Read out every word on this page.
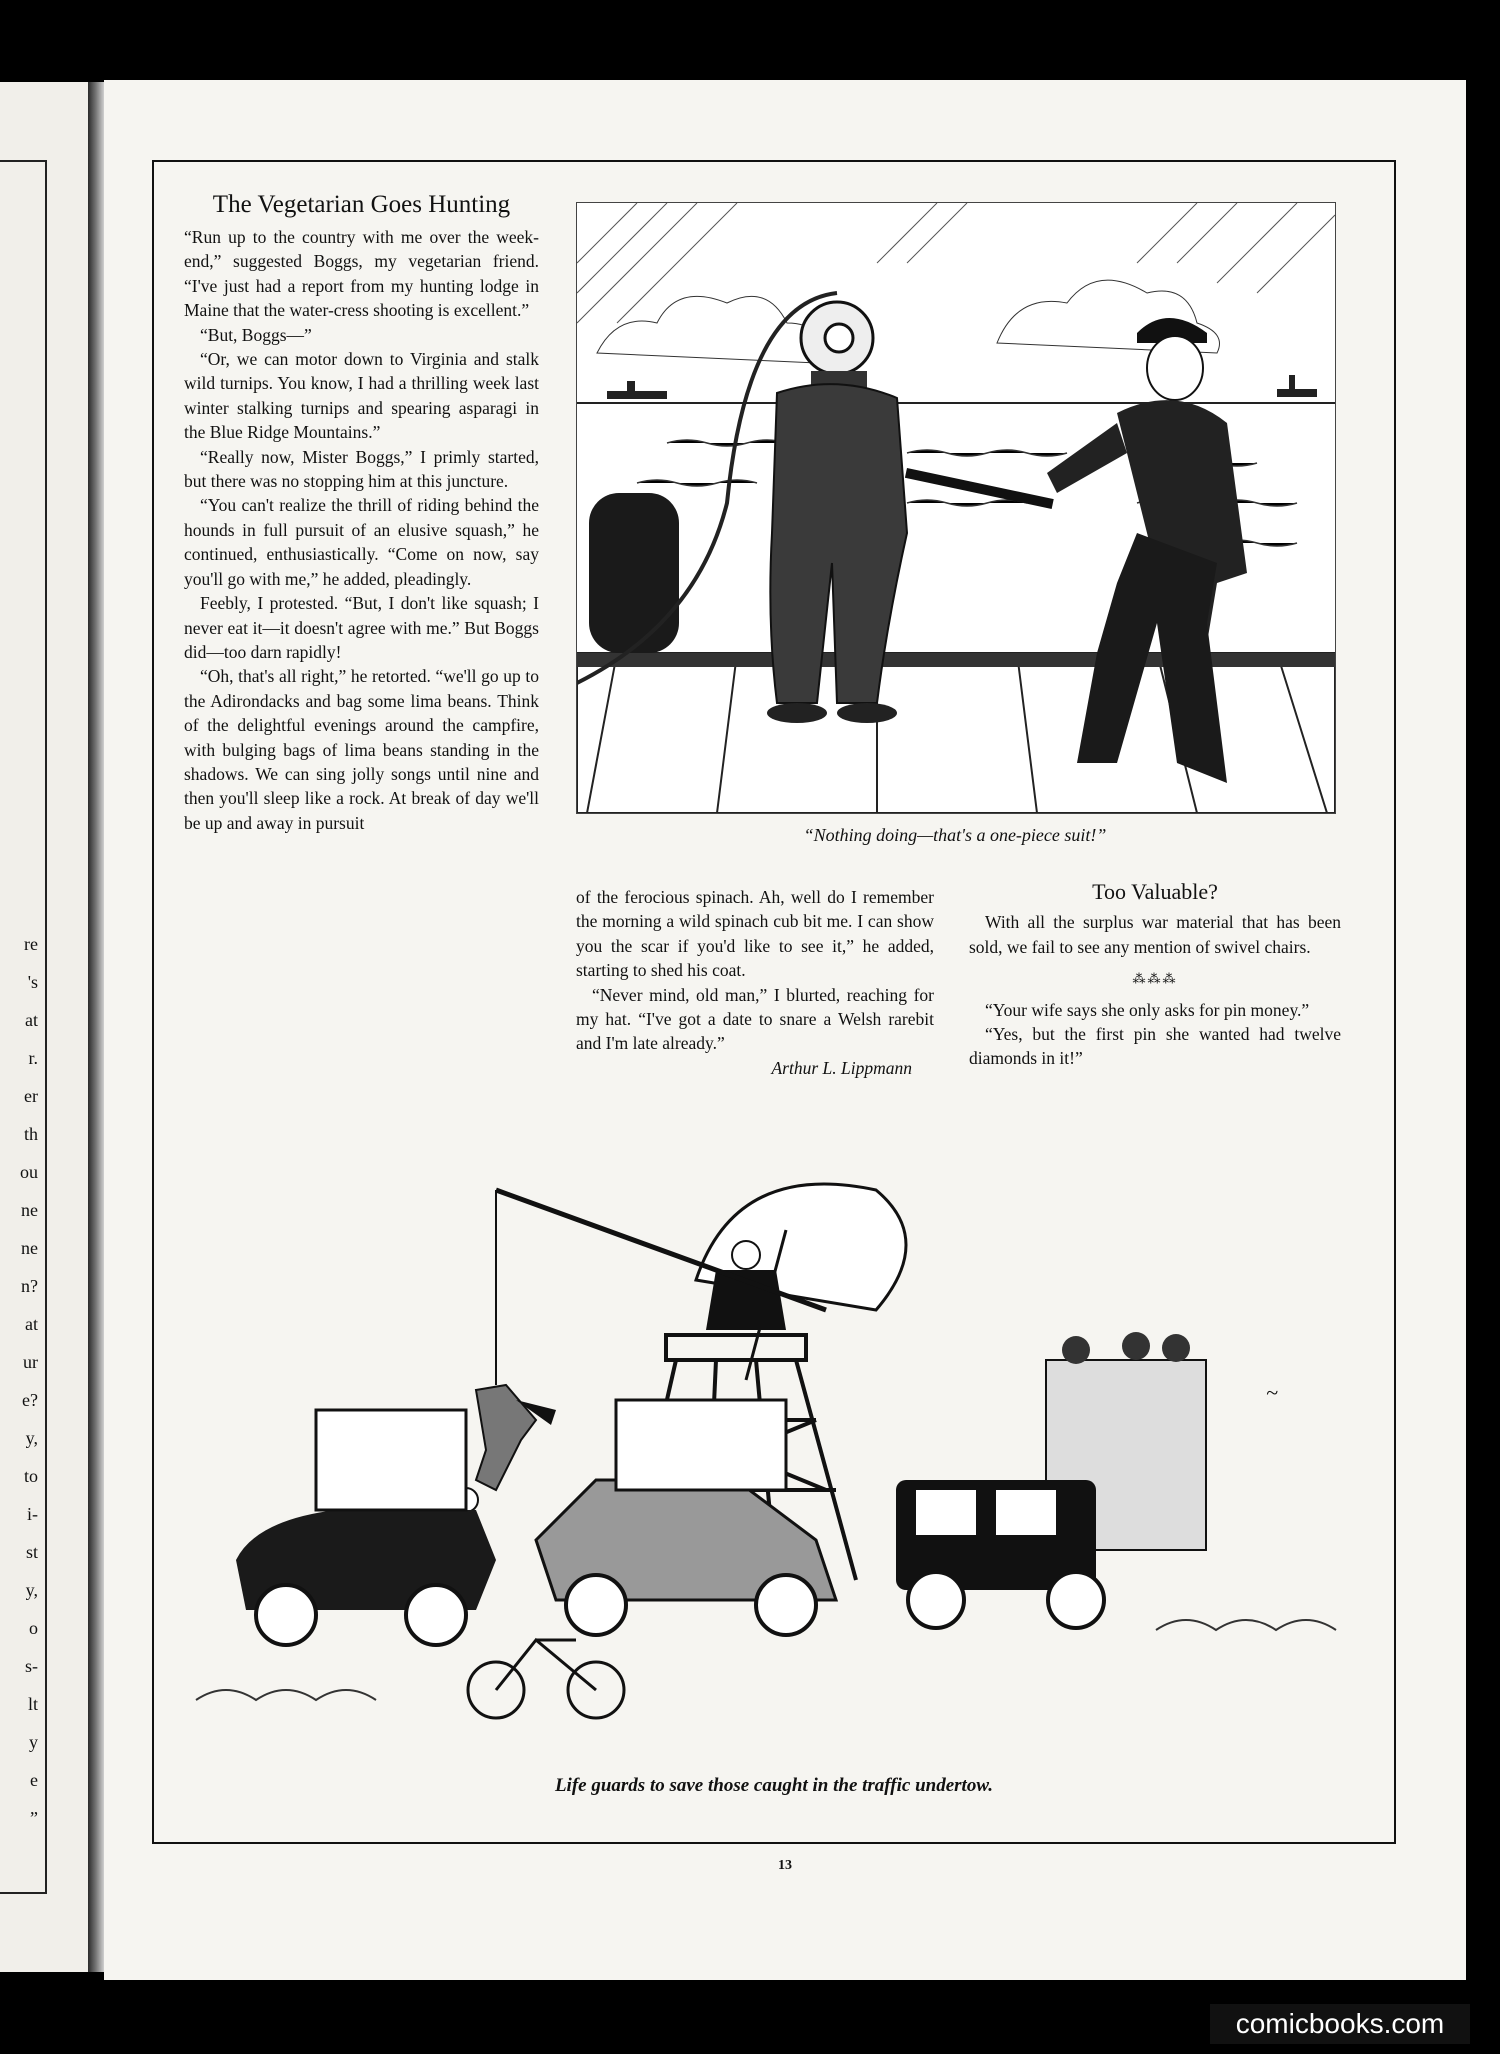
re
's
at
r.
er
th
ou
ne
ne
n?
at
ur
e?
y,
to
i-
st
y,
o
s-
lt
y
e
”
The Vegetarian Goes Hunting

“Run up to the country with me over the week-end,” suggested Boggs, my vegetarian friend. “I've just had a report from my hunting lodge in Maine that the water-cress shooting is excellent.”

“But, Boggs—”

“Or, we can motor down to Virginia and stalk wild turnips. You know, I had a thrilling week last winter stalking turnips and spearing asparagi in the Blue Ridge Mountains.”

“Really now, Mister Boggs,” I primly started, but there was no stopping him at this juncture.

“You can't realize the thrill of riding behind the hounds in full pursuit of an elusive squash,” he continued, enthusiastically. “Come on now, say you'll go with me,” he added, pleadingly.

Feebly, I protested. “But, I don't like squash; I never eat it—it doesn't agree with me.” But Boggs did—too darn rapidly!

“Oh, that's all right,” he retorted. “we'll go up to the Adirondacks and bag some lima beans. Think of the delightful evenings around the campfire, with bulging bags of lima beans standing in the shadows. We can sing jolly songs until nine and then you'll sleep like a rock. At break of day we'll be up and away in pursuit

“Nothing doing—that's a one-piece suit!”

of the ferocious spinach. Ah, well do I remember the morning a wild spinach cub bit me. I can show you the scar if you'd like to see it,” he added, starting to shed his coat.

“Never mind, old man,” I blurted, reaching for my hat. “I've got a date to snare a Welsh rarebit and I'm late already.”

Arthur L. Lippmann
Too Valuable?

With all the surplus war material that has been sold, we fail to see any mention of swivel chairs.

⁂⁂⁂

“Your wife says she only asks for pin money.”

“Yes, but the first pin she wanted had twelve diamonds in it!”

~
Life guards to save those caught in the traffic undertow.
13
comicbooks.com
